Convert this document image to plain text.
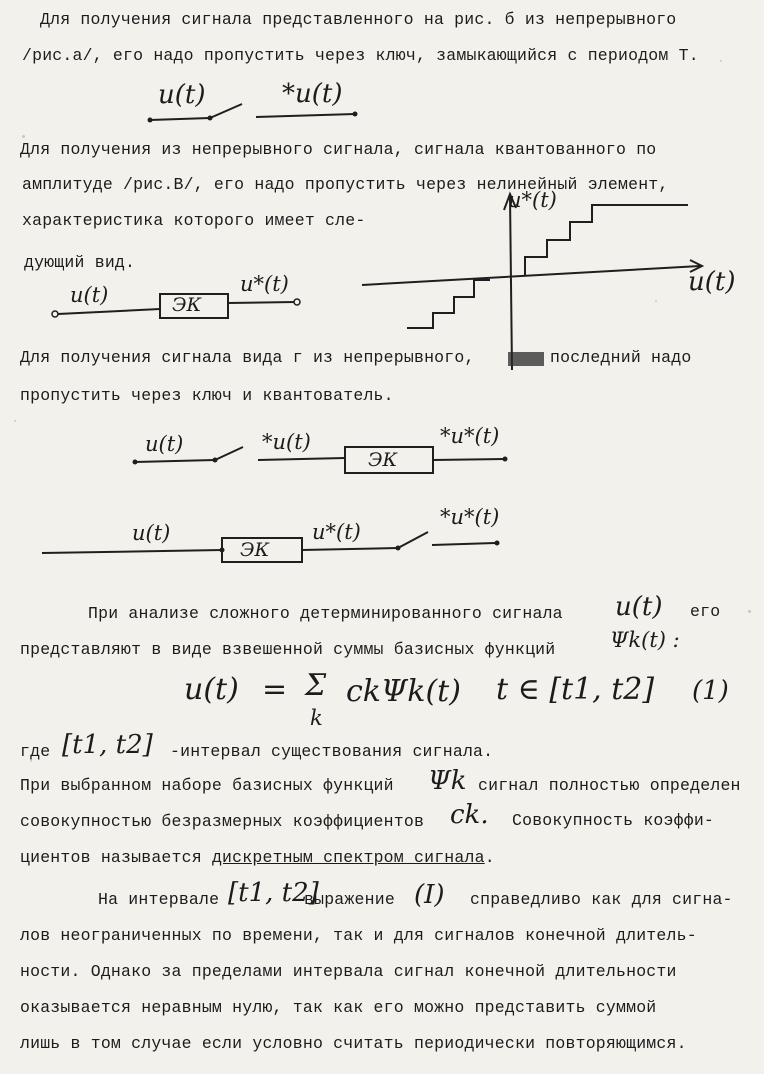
Для получения сигнала представленного на рис. б из непрерывного
/рис.а/, его надо пропустить через ключ, замыкающийся с периодом Т.
u(t)	*u(t)
Для получения из непрерывного сигнала, сигнала квантованного по
амплитуде /рис.В/, его надо пропустить через нелинейный элемент,
характеристика которого имеет сле-
дующий вид.
u(t)	ЭК
u*(t)
u*(t)
u(t)
Для получения сигнала вида г из непрерывного,	последний надо
пропустить через ключ и квантователь.
u(t)	*u(t)
ЭК
*u*(t)
u(t)
ЭК
u*(t)
*u*(t)
При анализе сложного детерминированного сигнала u(t) его
представляют в виде взвешенной суммы базисных функций	Ψk(t) :
u(t) = Σ
k
ckΨk(t) t ∈ [t1, t2] (1)
где [t1, t2] -интервал существования сигнала.
При выбранном наборе базисных функций Ψk сигнал полностью определен
совокупностью безразмерных коэффициентов ck. Совокупность коэффи-
циентов называется дискретным спектром сигнала.
На интервале [t1, t2]
выражение (I) справедливо как для сигна-
лов неограниченных по времени, так и для сигналов конечной длитель-
ности. Однако за пределами интервала сигнал конечной длительности
оказывается неравным нулю, так как его можно представить суммой
лишь в том случае если условно считать периодически повторяющимся.
